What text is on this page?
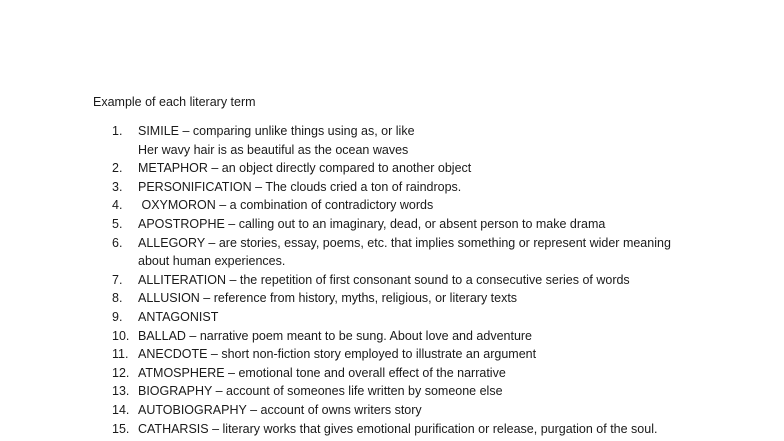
Example of each literary term
1.	SIMILE – comparing unlike things using as, or like
Her wavy hair is as beautiful as the ocean waves
2.	METAPHOR – an object directly compared to another object
3.	PERSONIFICATION – The clouds cried a ton of raindrops.
4.	OXYMORON – a combination of contradictory words
5.	APOSTROPHE – calling out to an imaginary, dead, or absent person to make drama
6.	ALLEGORY – are stories, essay, poems, etc. that implies something or represent wider meaning
about human experiences.
7.	ALLITERATION – the repetition of first consonant sound to a consecutive series of words
8.	ALLUSION – reference from history, myths, religious, or literary texts
9.	ANTAGONIST
10. BALLAD – narrative poem meant to be sung. About love and adventure
11. ANECDOTE – short non-fiction story employed to illustrate an argument
12. ATMOSPHERE – emotional tone and overall effect of the narrative
13. BIOGRAPHY – account of someones life written by someone else
14. AUTOBIOGRAPHY – account of owns writers story
15. CATHARSIS – literary works that gives emotional purification or release, purgation of the soul.
